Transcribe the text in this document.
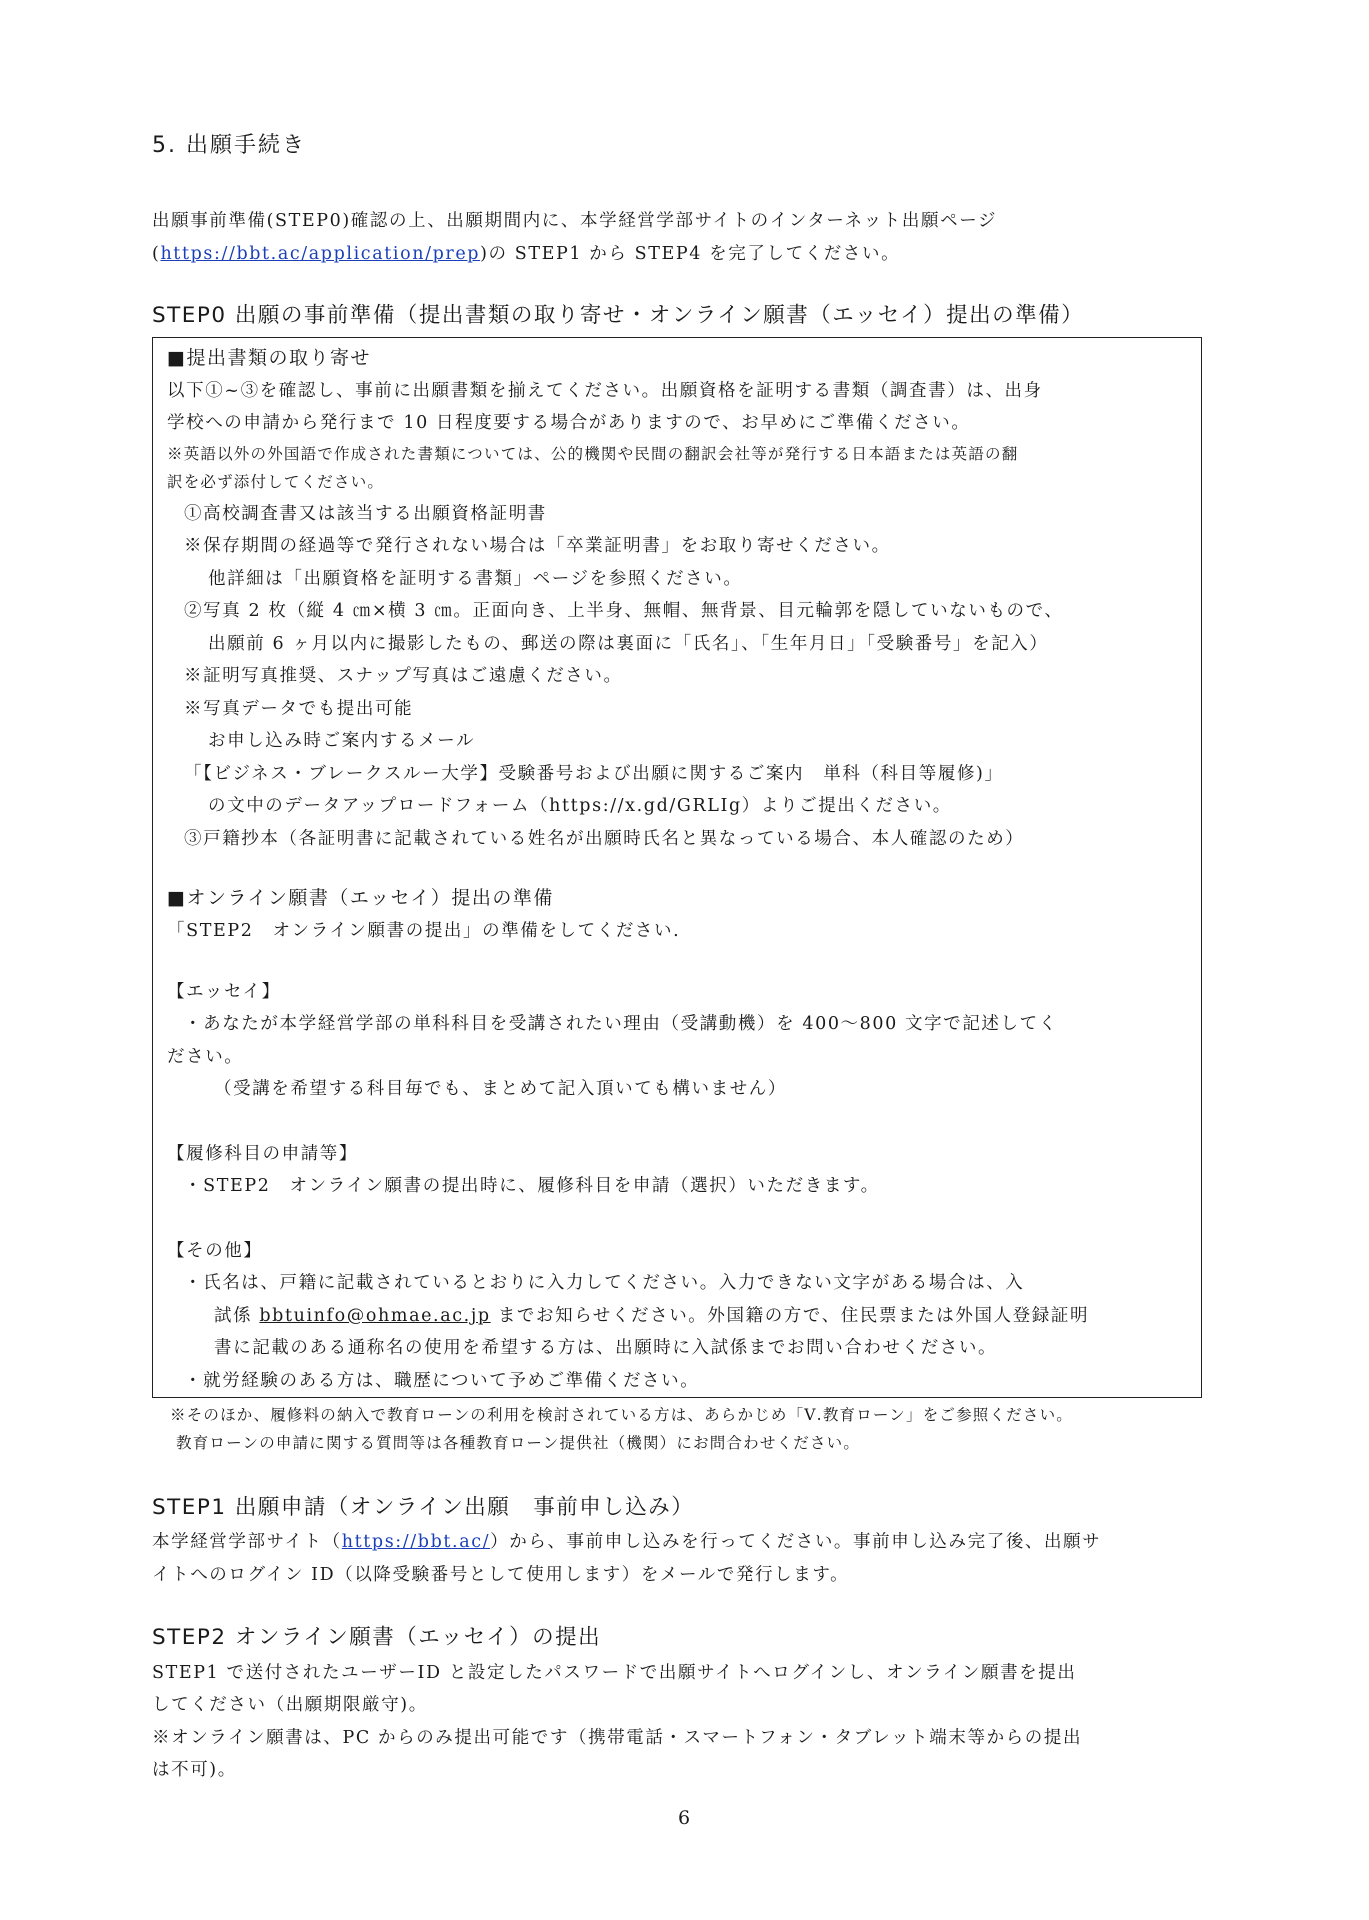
5. 出願手続き
出願事前準備(STEP0)確認の上、出願期間内に、本学経営学部サイトのインターネット出願ページ
(https://bbt.ac/application/prep)の STEP1 から STEP4 を完了してください。
STEP0 出願の事前準備（提出書類の取り寄せ・オンライン願書（エッセイ）提出の準備）
■提出書類の取り寄せ
以下①~③を確認し、事前に出願書類を揃えてください。出願資格を証明する書類（調査書）は、出身
学校への申請から発行まで 10 日程度要する場合がありますので、お早めにご準備ください。
※英語以外の外国語で作成された書類については、公的機関や民間の翻訳会社等が発行する日本語または英語の翻
訳を必ず添付してください。
①高校調査書又は該当する出願資格証明書
※保存期間の経過等で発行されない場合は「卒業証明書」をお取り寄せください。
他詳細は「出願資格を証明する書類」ページを参照ください。
②写真 2 枚（縦 4 ㎝×横 3 ㎝。正面向き、上半身、無帽、無背景、目元輪郭を隠していないもので、
出願前 6 ヶ月以内に撮影したもの、郵送の際は裏面に「氏名」、「生年月日」「受験番号」を記入）
※証明写真推奨、スナップ写真はご遠慮ください。
※写真データでも提出可能
お申し込み時ご案内するメール
「【ビジネス・ブレークスルー大学】受験番号および出願に関するご案内　単科（科目等履修)」
の文中のデータアップロードフォーム（https://x.gd/GRLIg）よりご提出ください。
③戸籍抄本（各証明書に記載されている姓名が出願時氏名と異なっている場合、本人確認のため）
■オンライン願書（エッセイ）提出の準備
「STEP2　オンライン願書の提出」の準備をしてください.
【エッセイ】
・あなたが本学経営学部の単科科目を受講されたい理由（受講動機）を 400～800 文字で記述してく
ださい。
（受講を希望する科目毎でも、まとめて記入頂いても構いません）
【履修科目の申請等】
・STEP2　オンライン願書の提出時に、履修科目を申請（選択）いただきます。
【その他】
・氏名は、戸籍に記載されているとおりに入力してください。入力できない文字がある場合は、入
試係 bbtuinfo@ohmae.ac.jp までお知らせください。外国籍の方で、住民票または外国人登録証明
書に記載のある通称名の使用を希望する方は、出願時に入試係までお問い合わせください。
・就労経験のある方は、職歴について予めご準備ください。
※そのほか、履修料の納入で教育ローンの利用を検討されている方は、あらかじめ「Ⅴ.教育ローン」をご参照ください。
教育ローンの申請に関する質問等は各種教育ローン提供社（機関）にお問合わせください。
STEP1 出願申請（オンライン出願　事前申し込み）
本学経営学部サイト（https://bbt.ac/）から、事前申し込みを行ってください。事前申し込み完了後、出願サ
イトへのログイン ID（以降受験番号として使用します）をメールで発行します。
STEP2 オンライン願書（エッセイ）の提出
STEP1 で送付されたユーザーID と設定したパスワードで出願サイトへログインし、オンライン願書を提出
してください（出願期限厳守)。
※オンライン願書は、PC からのみ提出可能です（携帯電話・スマートフォン・タブレット端末等からの提出
は不可)。
6
